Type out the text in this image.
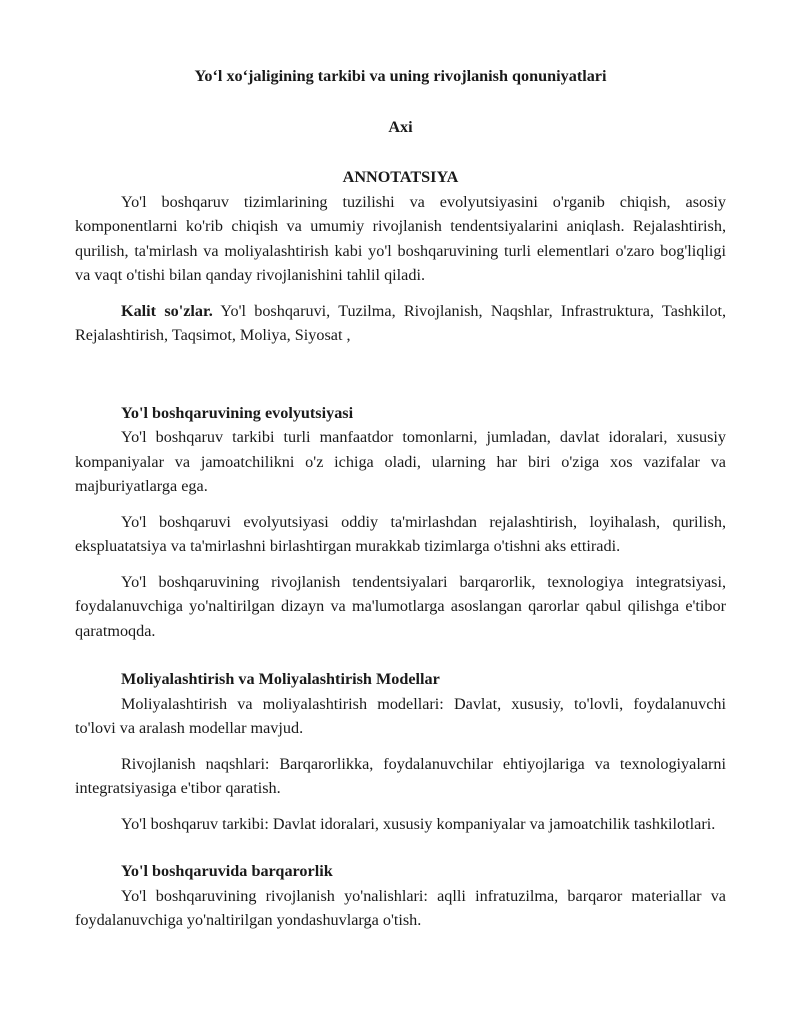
Yo‘l xo‘jaligining tarkibi va uning rivojlanish qonuniyatlari

Axi

ANNOTATSIYA

Yo'l boshqaruv tizimlarining tuzilishi va evolyutsiyasini o'rganib chiqish, asosiy komponentlarni ko'rib chiqish va umumiy rivojlanish tendentsiyalarini aniqlash. Rejalashtirish, qurilish, ta'mirlash va moliyalashtirish kabi yo'l boshqaruvining turli elementlari o'zaro bog'liqligi va vaqt o'tishi bilan qanday rivojlanishini tahlil qiladi.

Kalit so'zlar. Yo'l boshqaruvi, Tuzilma, Rivojlanish, Naqshlar, Infrastruktura, Tashkilot, Rejalashtirish, Taqsimot, Moliya, Siyosat ,

Yo'l boshqaruvining evolyutsiyasi

Yo'l boshqaruv tarkibi turli manfaatdor tomonlarni, jumladan, davlat idoralari, xususiy kompaniyalar va jamoatchilikni o'z ichiga oladi, ularning har biri o'ziga xos vazifalar va majburiyatlarga ega.

Yo'l boshqaruvi evolyutsiyasi oddiy ta'mirlashdan rejalashtirish, loyihalash, qurilish, ekspluatatsiya va ta'mirlashni birlashtirgan murakkab tizimlarga o'tishni aks ettiradi.

Yo'l boshqaruvining rivojlanish tendentsiyalari barqarorlik, texnologiya integratsiyasi, foydalanuvchiga yo'naltirilgan dizayn va ma'lumotlarga asoslangan qarorlar qabul qilishga e'tibor qaratmoqda.

Moliyalashtirish va Moliyalashtirish Modellar

Moliyalashtirish va moliyalashtirish modellari: Davlat, xususiy, to'lovli, foydalanuvchi to'lovi va aralash modellar mavjud.

Rivojlanish naqshlari: Barqarorlikka, foydalanuvchilar ehtiyojlariga va texnologiyalarni integratsiyasiga e'tibor qaratish.

Yo'l boshqaruv tarkibi: Davlat idoralari, xususiy kompaniyalar va jamoatchilik tashkilotlari.

Yo'l boshqaruvida barqarorlik

Yo'l boshqaruvining rivojlanish yo'nalishlari: aqlli infratuzilma, barqaror materiallar va foydalanuvchiga yo'naltirilgan yondashuvlarga o'tish.
